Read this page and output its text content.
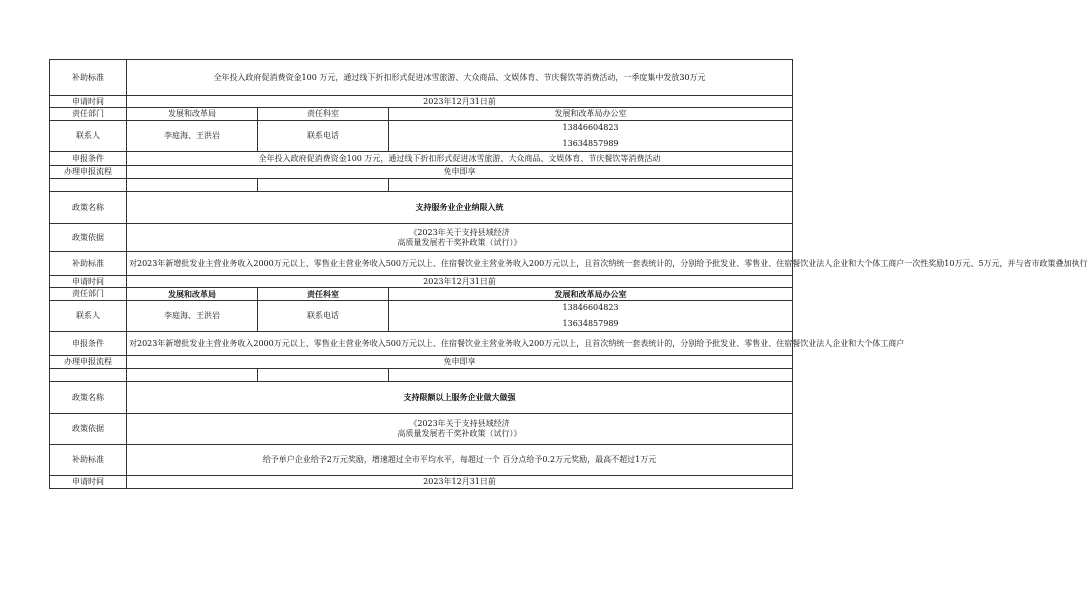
补助标准	全年投入政府促消费资金100 万元，通过线下折扣形式促进冰雪旅游、大众商品、文娱体育、节庆餐饮等消费活动，一季度集中发放30万元		
申请时间	2023年12月31日前		
责任部门	发展和改革局	责任科室	发展和改革局办公室
联系人	李庭海、王洪岩	联系电话	13846604823
13634857989

申报条件	全年投入政府促消费资金100 万元，通过线下折扣形式促进冰雪旅游、大众商品、文娱体育、节庆餐饮等消费活动		
办理申报流程	免申即享		

政策名称	支持服务业企业纳限入统		
政策依据	《2023年关于支持县域经济
高质量发展若干奖补政策（试行）》		

补助标准	对2023年新增批发业主营业务收入2000万元以上、零售业主营业务收入500万元以上、住宿餐饮业主营业务收入200万元以上，且首次纳统一套表统计的，分别给予批发业、零售业、住宿餐饮业法人企业和大个体工商户一次性奖励10万元、5万元，并与省市政策叠加执行		
申请时间	2023年12月31日前		
责任部门	发展和改革局	责任科室	发展和改革局办公室
联系人	李庭海、王洪岩	联系电话	13846604823
13634857989

申报条件	对2023年新增批发业主营业务收入2000万元以上、零售业主营业务收入500万元以上、住宿餐饮业主营业务收入200万元以上，且首次纳统一套表统计的，分别给予批发业、零售业、住宿餐饮业法人企业和大个体工商户		
办理申报流程	免申即享		

政策名称	支持限额以上服务企业做大做强		
政策依据	《2023年关于支持县域经济
高质量发展若干奖补政策（试行）》		

补助标准	给予单户企业给予2万元奖励，增速超过全市平均水平，每超过一个 百分点给予0.2万元奖励，最高不超过1万元		
申请时间	2023年12月31日前		
